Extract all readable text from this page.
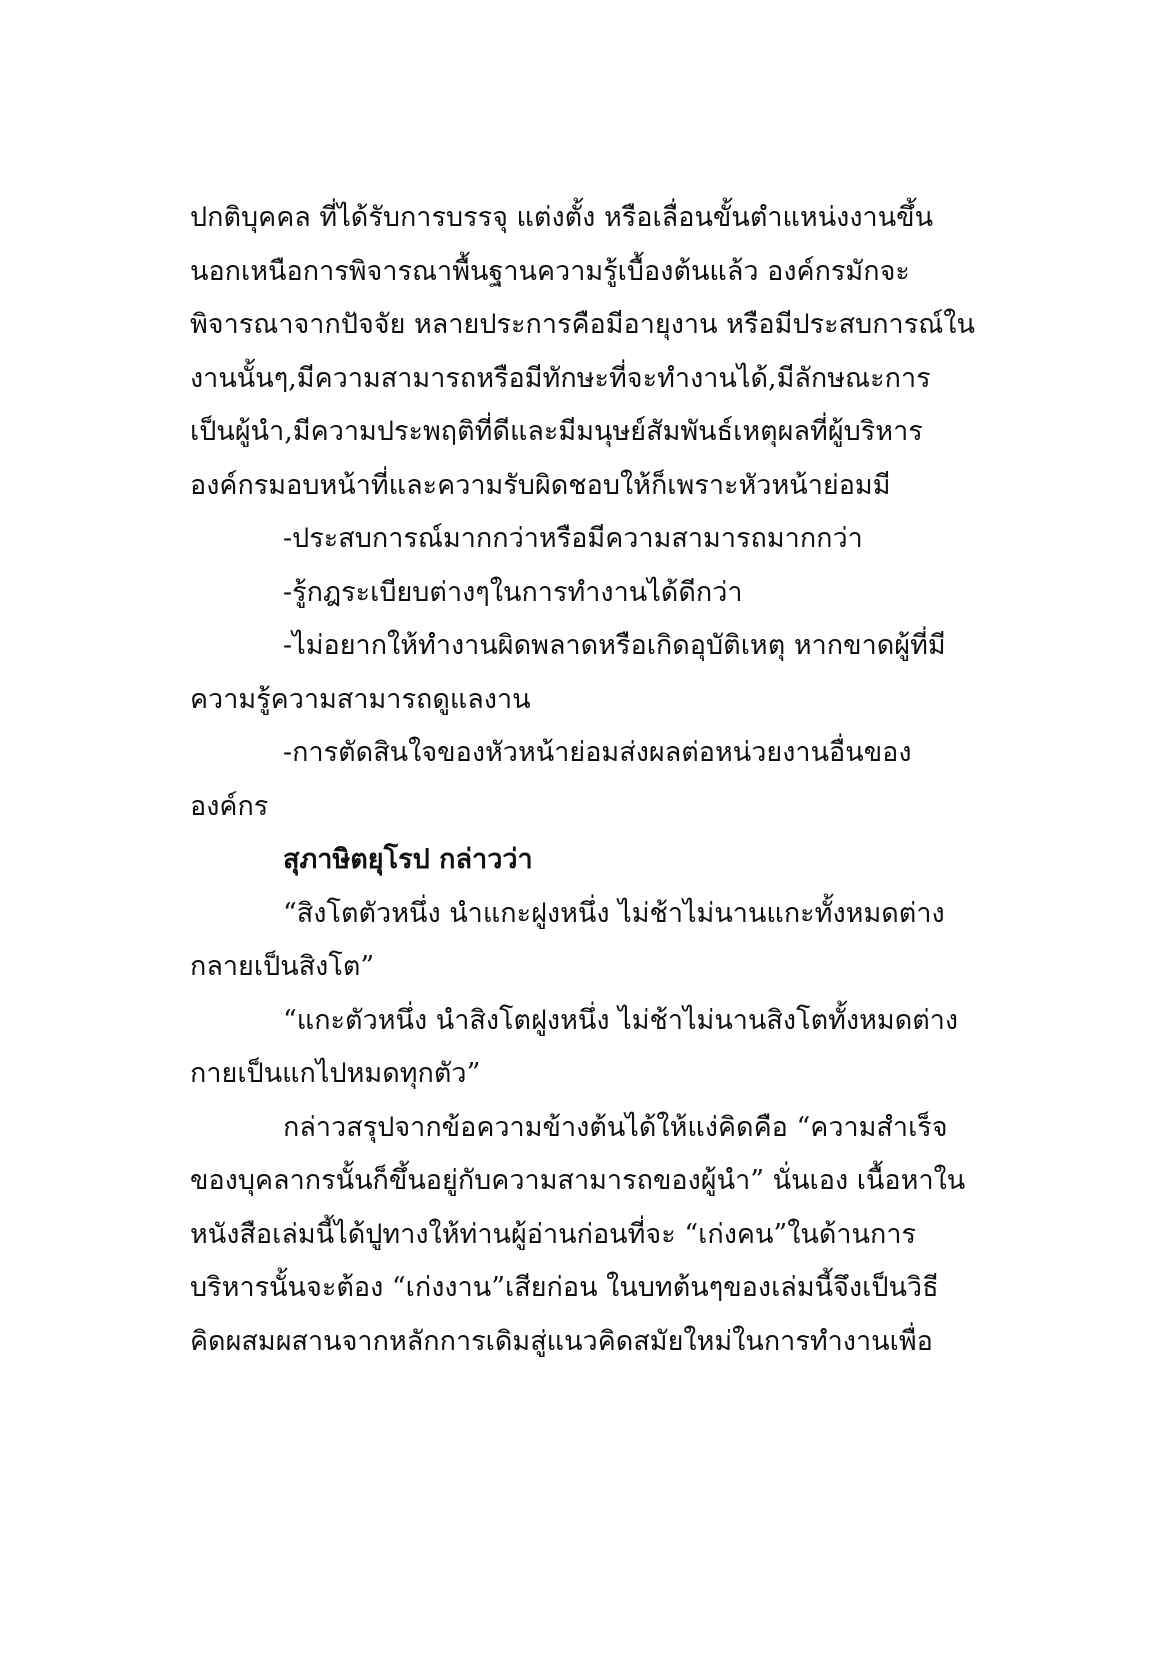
ปกติบุคคล ที่ได้รับการบรรจุ แต่งตั้ง หรือเลื่อนขั้นตำแหน่งงานขึ้น
นอกเหนือการพิจารณาพื้นฐานความรู้เบื้องต้นแล้ว องค์กรมักจะ
พิจารณาจากปัจจัย หลายประการคือมีอายุงาน หรือมีประสบการณ์ใน
งานนั้นๆ,มีความสามารถหรือมีทักษะที่จะทำงานได้,มีลักษณะการ
เป็นผู้นำ,มีความประพฤติที่ดีและมีมนุษย์สัมพันธ์เหตุผลที่ผู้บริหาร
องค์กรมอบหน้าที่และความรับผิดชอบให้ก็เพราะหัวหน้าย่อมมี
-ประสบการณ์มากกว่าหรือมีความสามารถมากกว่า
-รู้กฎระเบียบต่างๆในการทำงานได้ดีกว่า
-ไม่อยากให้ทำงานผิดพลาดหรือเกิดอุบัติเหตุ หากขาดผู้ที่มี
ความรู้ความสามารถดูแลงาน
-การตัดสินใจของหัวหน้าย่อมส่งผลต่อหน่วยงานอื่นของ
องค์กร
สุภาษิตยุโรป กล่าวว่า
“สิงโตตัวหนึ่ง นำแกะฝูงหนึ่ง ไม่ช้าไม่นานแกะทั้งหมดต่าง
กลายเป็นสิงโต”
“แกะตัวหนึ่ง นำสิงโตฝูงหนึ่ง ไม่ช้าไม่นานสิงโตทั้งหมดต่าง
กายเป็นแกไปหมดทุกตัว”
กล่าวสรุปจากข้อความข้างต้นได้ให้แง่คิดคือ “ความสำเร็จ
ของบุคลากรนั้นก็ขึ้นอยู่กับความสามารถของผู้นำ” นั่นเอง เนื้อหาใน
หนังสือเล่มนี้ได้ปูทางให้ท่านผู้อ่านก่อนที่จะ “เก่งคน”ในด้านการ
บริหารนั้นจะต้อง “เก่งงาน”เสียก่อน ในบทต้นๆของเล่มนี้จึงเป็นวิธี
คิดผสมผสานจากหลักการเดิมสู่แนวคิดสมัยใหม่ในการทำงานเพื่อ
